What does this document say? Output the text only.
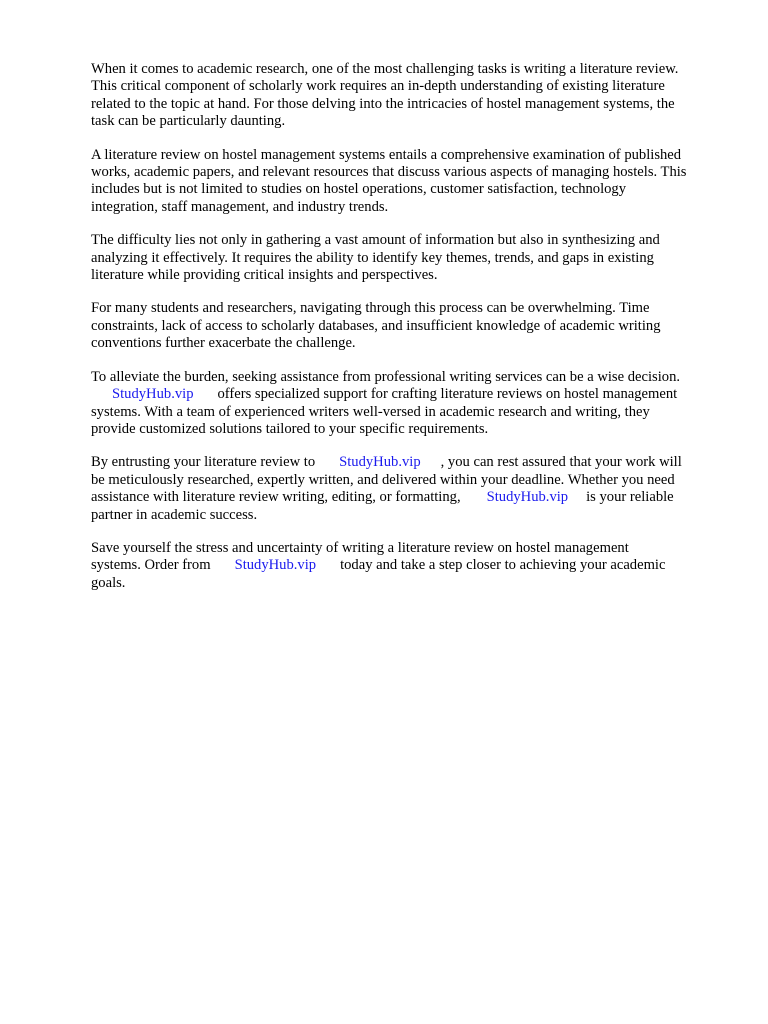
When it comes to academic research, one of the most challenging tasks is writing a literature review.
This critical component of scholarly work requires an in-depth understanding of existing literature
related to the topic at hand. For those delving into the intricacies of hostel management systems, the
task can be particularly daunting.

A literature review on hostel management systems entails a comprehensive examination of published
works, academic papers, and relevant resources that discuss various aspects of managing hostels. This
includes but is not limited to studies on hostel operations, customer satisfaction, technology
integration, staff management, and industry trends.

The difficulty lies not only in gathering a vast amount of information but also in synthesizing and
analyzing it effectively. It requires the ability to identify key themes, trends, and gaps in existing
literature while providing critical insights and perspectives.

For many students and researchers, navigating through this process can be overwhelming. Time
constraints, lack of access to scholarly databases, and insufficient knowledge of academic writing
conventions further exacerbate the challenge.

To alleviate the burden, seeking assistance from professional writing services can be a wise decision.
StudyHub.vip offers specialized support for crafting literature reviews on hostel management
systems. With a team of experienced writers well-versed in academic research and writing, they
provide customized solutions tailored to your specific requirements.

By entrusting your literature review to StudyHub.vip , you can rest assured that your work will
be meticulously researched, expertly written, and delivered within your deadline. Whether you need
assistance with literature review writing, editing, or formatting, StudyHub.vip is your reliable
partner in academic success.

Save yourself the stress and uncertainty of writing a literature review on hostel management
systems. Order from StudyHub.vip today and take a step closer to achieving your academic
goals.
